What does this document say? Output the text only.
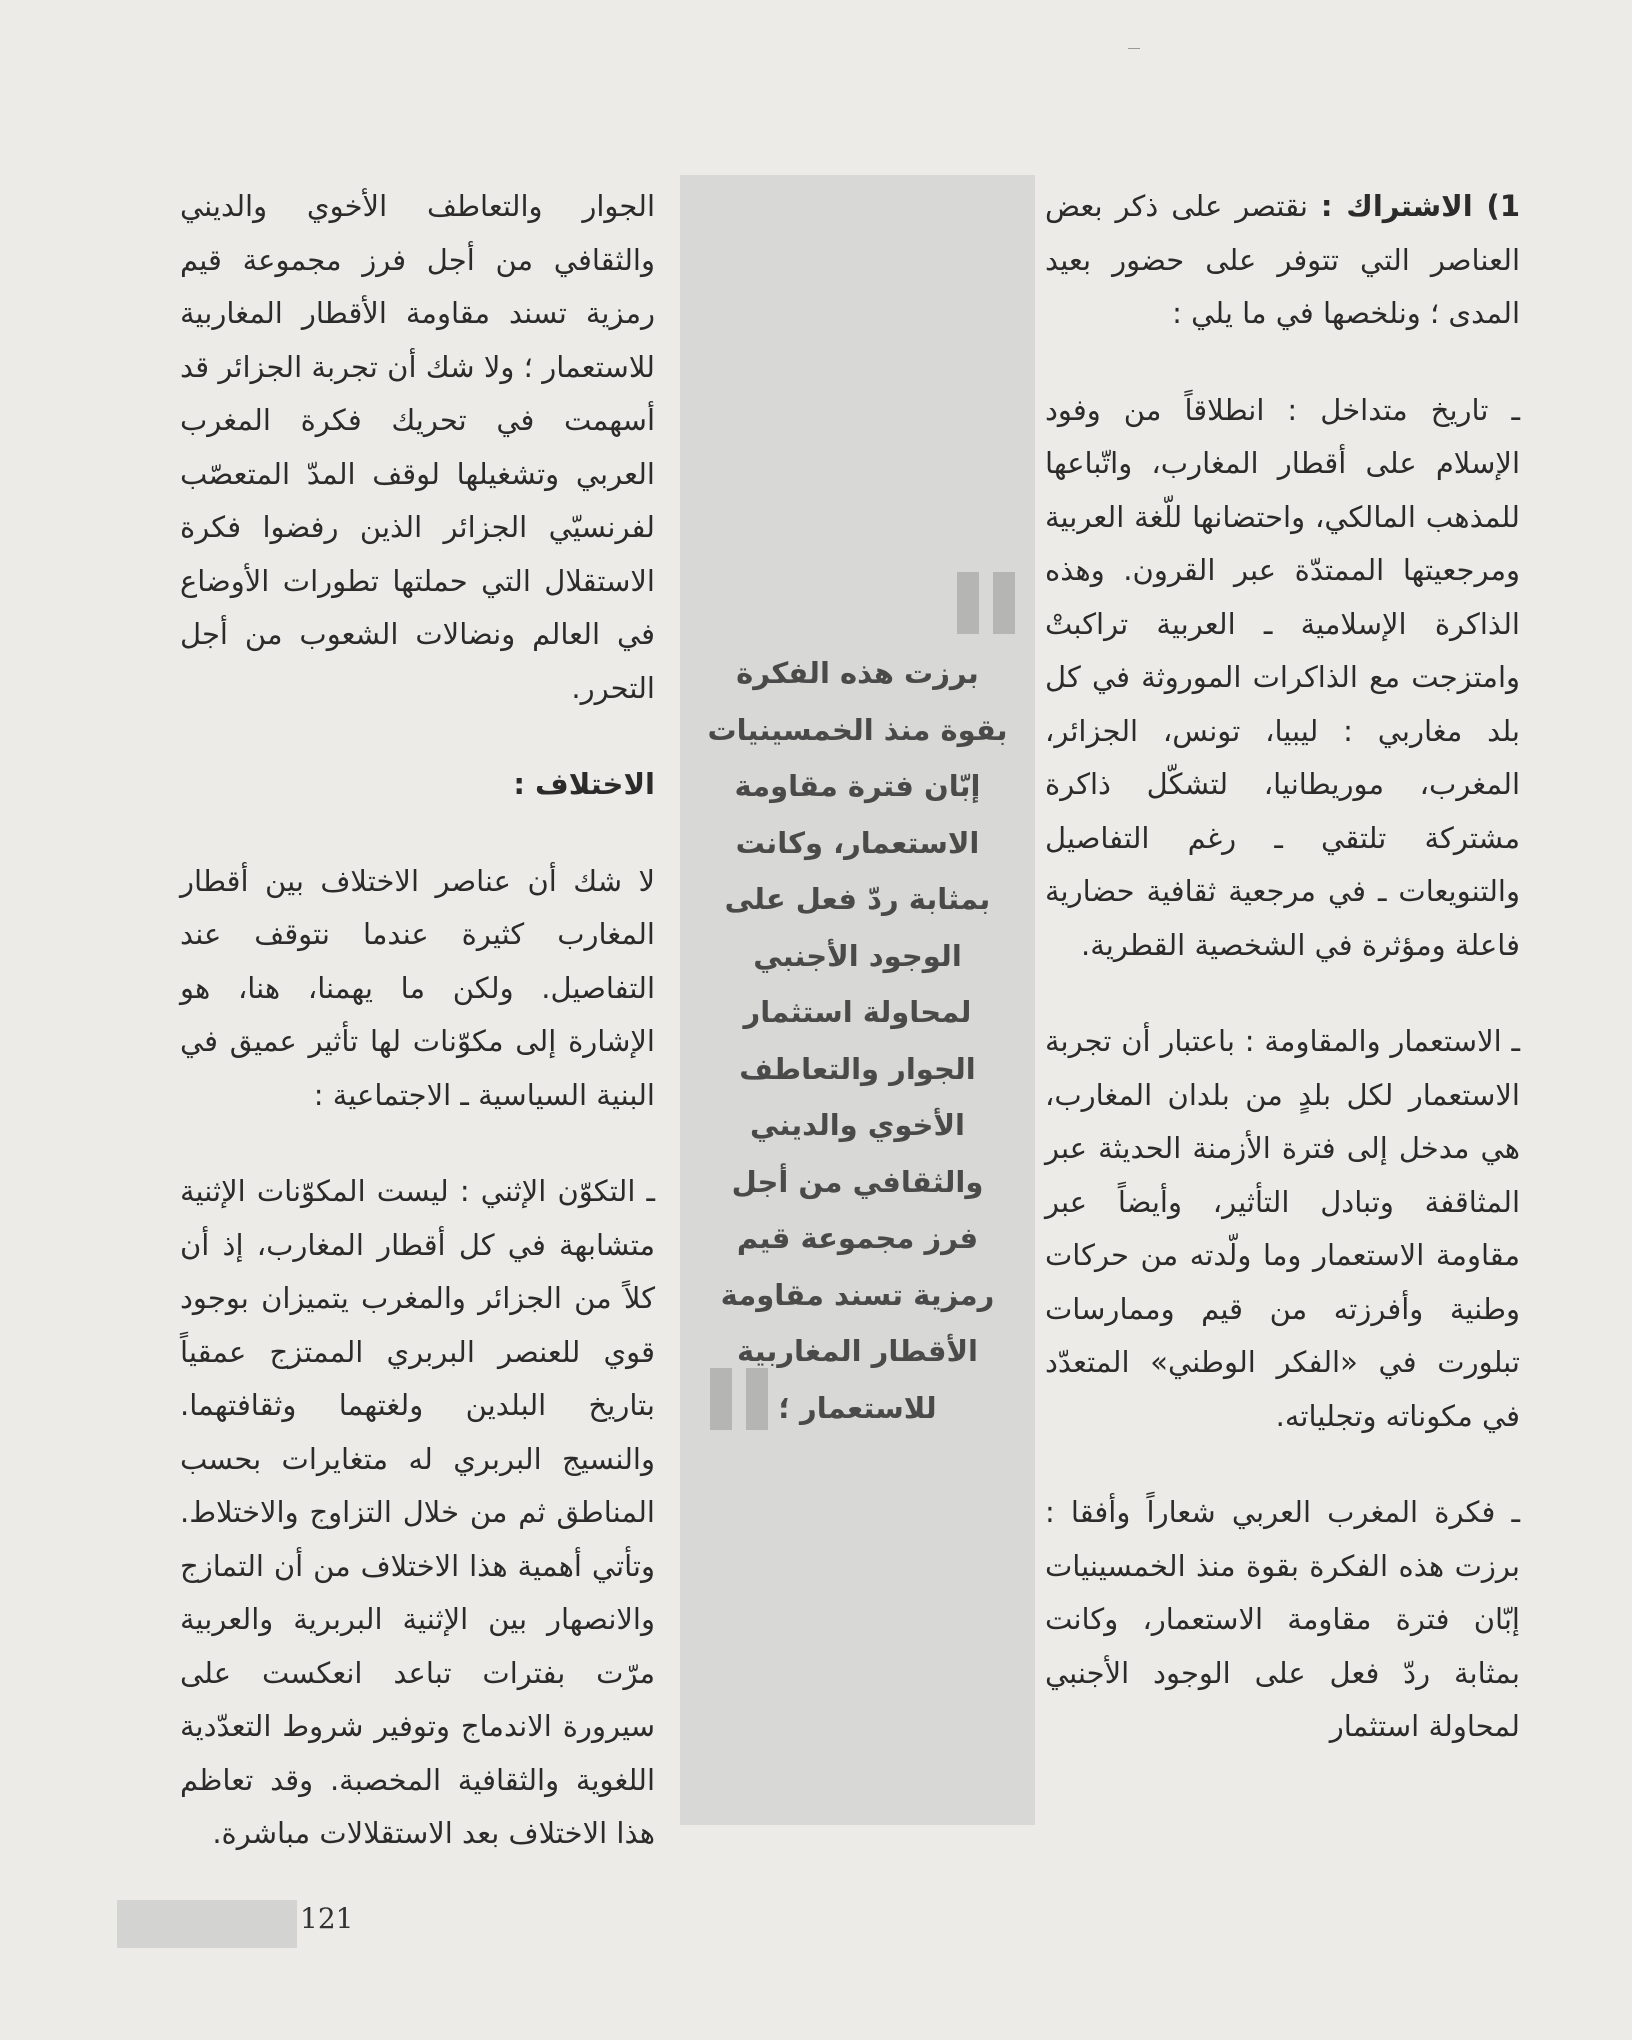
1) الاشتراك : نقتصر على ذكر بعض العناصر التي تتوفر على حضور بعيد المدى ؛ ونلخصها في ما يلي :

ـ تاريخ متداخل : انطلاقاً من وفود الإسلام على أقطار المغارب، واتّباعها للمذهب المالكي، واحتضانها للّغة العربية ومرجعيتها الممتدّة عبر القرون. وهذه الذاكرة الإسلامية ـ العربية تراكبتْ وامتزجت مع الذاكرات الموروثة في كل بلد مغاربي : ليبيا، تونس، الجزائر، المغرب، موريطانيا، لتشكّل ذاكرة مشتركة تلتقي ـ رغم التفاصيل والتنويعات ـ في مرجعية ثقافية حضارية فاعلة ومؤثرة في الشخصية القطرية.

ـ الاستعمار والمقاومة : باعتبار أن تجربة الاستعمار لكل بلدٍ من بلدان المغارب، هي مدخل إلى فترة الأزمنة الحديثة عبر المثاقفة وتبادل التأثير، وأيضاً عبر مقاومة الاستعمار وما ولّدته من حركات وطنية وأفرزته من قيم وممارسات تبلورت في «الفكر الوطني» المتعدّد في مكوناته وتجلياته.

ـ فكرة المغرب العربي شعاراً وأفقا : برزت هذه الفكرة بقوة منذ الخمسينيات إبّان فترة مقاومة الاستعمار، وكانت بمثابة ردّ فعل على الوجود الأجنبي لمحاولة استثمار

برزت هذه الفكرة بقوة منذ الخمسينيات إبّان فترة مقاومة الاستعمار، وكانت بمثابة ردّ فعل على الوجود الأجنبي لمحاولة استثمار الجوار والتعاطف الأخوي والديني والثقافي من أجل فرز مجموعة قيم رمزية تسند مقاومة الأقطار المغاربية للاستعمار ؛

الجوار والتعاطف الأخوي والديني والثقافي من أجل فرز مجموعة قيم رمزية تسند مقاومة الأقطار المغاربية للاستعمار ؛ ولا شك أن تجربة الجزائر قد أسهمت في تحريك فكرة المغرب العربي وتشغيلها لوقف المدّ المتعصّب لفرنسيّي الجزائر الذين رفضوا فكرة الاستقلال التي حملتها تطورات الأوضاع في العالم ونضالات الشعوب من أجل التحرر.

الاختلاف :

لا شك أن عناصر الاختلاف بين أقطار المغارب كثيرة عندما نتوقف عند التفاصيل. ولكن ما يهمنا، هنا، هو الإشارة إلى مكوّنات لها تأثير عميق في البنية السياسية ـ الاجتماعية :

ـ التكوّن الإثني : ليست المكوّنات الإثنية متشابهة في كل أقطار المغارب، إذ أن كلاً من الجزائر والمغرب يتميزان بوجود قوي للعنصر البربري الممتزج عمقياً بتاريخ البلدين ولغتهما وثقافتهما. والنسيج البربري له متغايرات بحسب المناطق ثم من خلال التزاوج والاختلاط. وتأتي أهمية هذا الاختلاف من أن التمازج والانصهار بين الإثنية البربرية والعربية مرّت بفترات تباعد انعكست على سيرورة الاندماج وتوفير شروط التعدّدية اللغوية والثقافية المخصبة. وقد تعاظم هذا الاختلاف بعد الاستقلالات مباشرة.

121
